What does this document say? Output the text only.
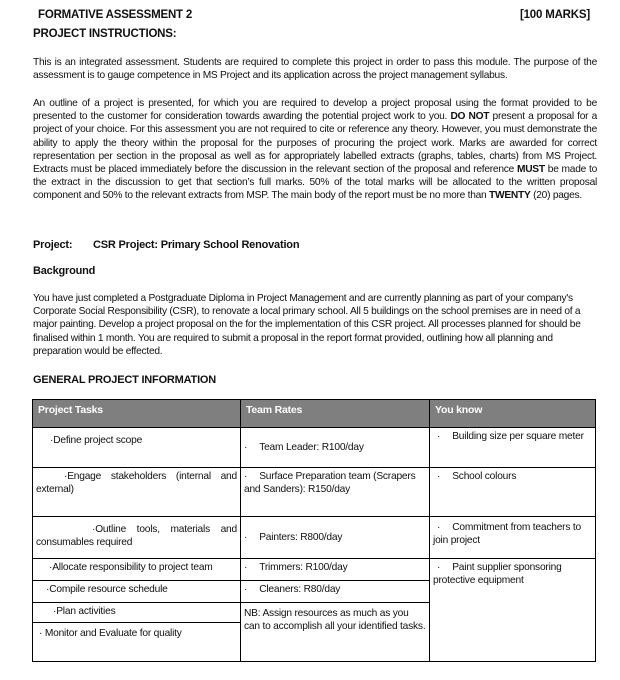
FORMATIVE ASSESSMENT 2	[100 MARKS]
PROJECT INSTRUCTIONS:
This is an integrated assessment. Students are required to complete this project in order to pass this module. The purpose of the assessment is to gauge competence in MS Project and its application across the project management syllabus.
An outline of a project is presented, for which you are required to develop a project proposal using the format provided to be presented to the customer for consideration towards awarding the potential project work to you. DO NOT present a proposal for a project of your choice. For this assessment you are not required to cite or reference any theory. However, you must demonstrate the ability to apply the theory within the proposal for the purposes of procuring the project work. Marks are awarded for correct representation per section in the proposal as well as for appropriately labelled extracts (graphs, tables, charts) from MS Project. Extracts must be placed immediately before the discussion in the relevant section of the proposal and reference MUST be made to the extract in the discussion to get that section’s full marks. 50% of the total marks will be allocated to the written proposal component and 50% to the relevant extracts from MSP. The main body of the report must be no more than TWENTY (20) pages.
Project: CSR Project: Primary School Renovation
Background
You have just completed a Postgraduate Diploma in Project Management and are currently planning as part of your company's Corporate Social Responsibility (CSR), to renovate a local primary school. All 5 buildings on the school premises are in need of a major painting. Develop a project proposal on the for the implementation of this CSR project. All processes planned for should be finalised within 1 month. You are required to submit a proposal in the report format provided, outlining how all planning and preparation would be effected.
GENERAL PROJECT INFORMATION
Project Tasks	Team Rates	You know
·Define project scope	· Team Leader: R100/day	· Building size per square meter
·Engage stakeholders (internal and external)	· Surface Preparation team (Scrapers and Sanders): R150/day	· School colours
·Outline tools, materials and consumables required	· Painters: R800/day	· Commitment from teachers to join project
·Allocate responsibility to project team	· Trimmers: R100/day	· Paint supplier sponsoring protective equipment
·Compile resource schedule	· Cleaners: R80/day	
·Plan activities	NB: Assign resources as much as you can to accomplish all your identified tasks.	
· Monitor and Evaluate for quality		
